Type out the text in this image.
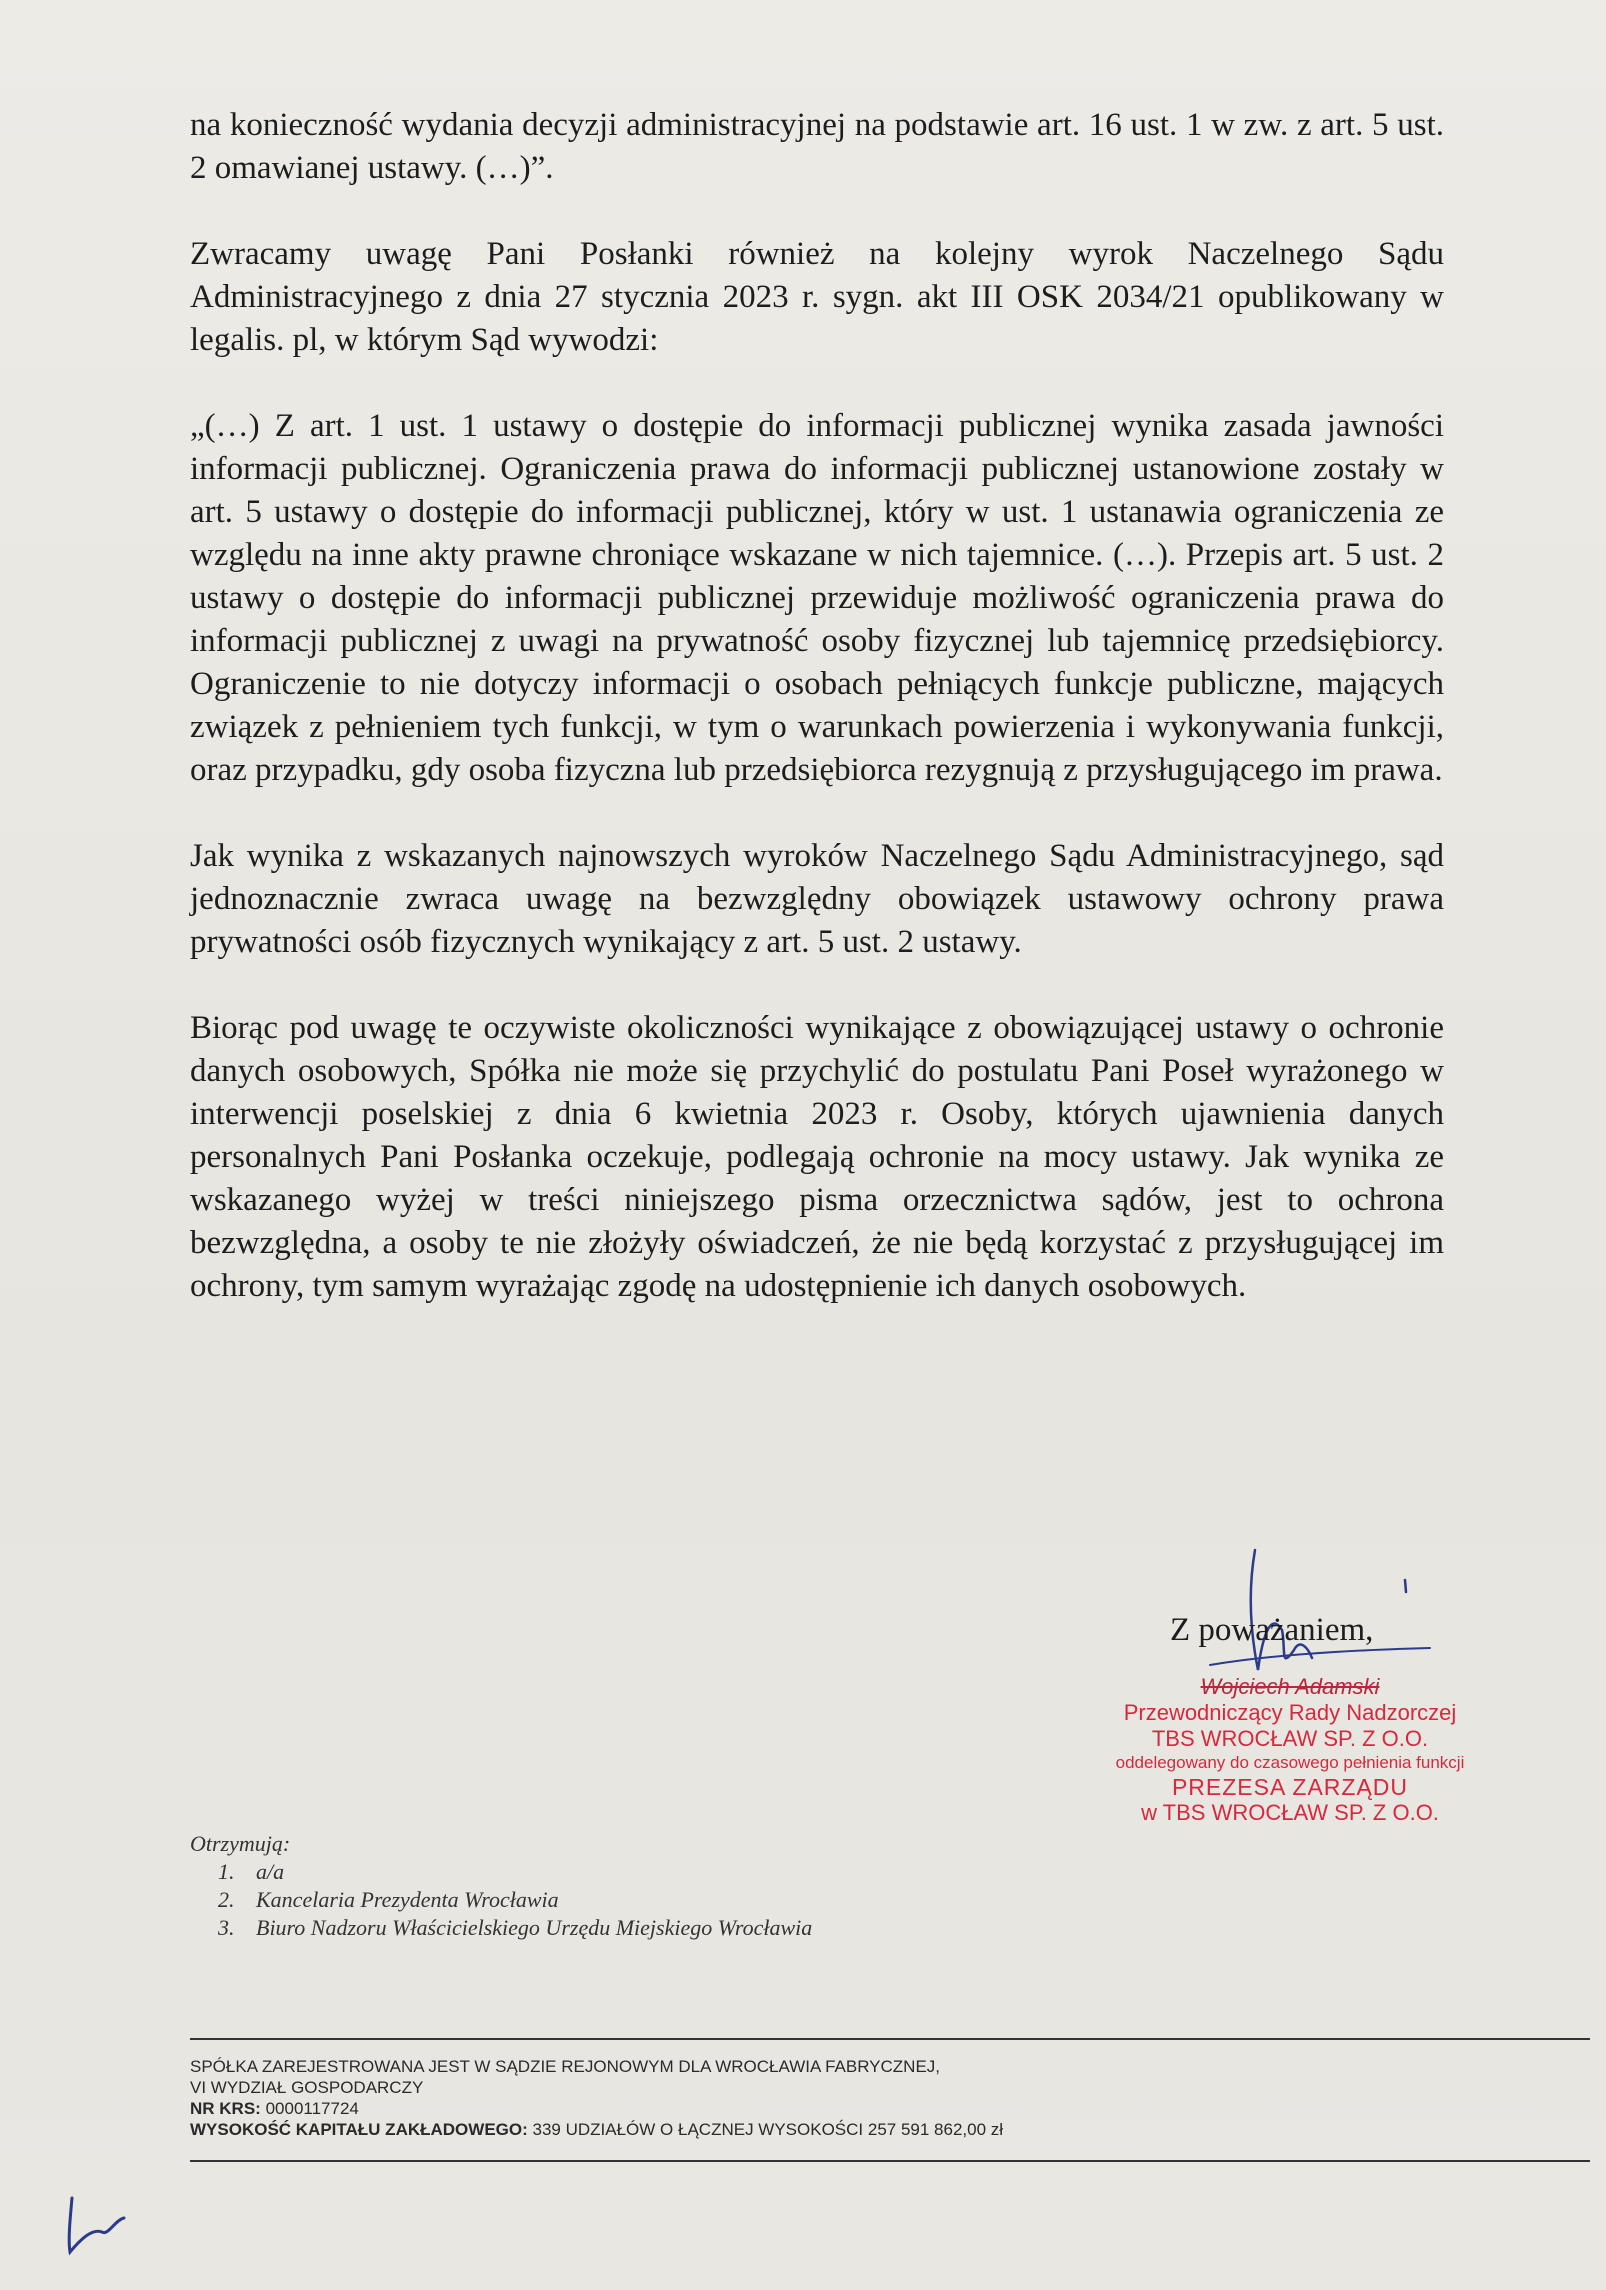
na konieczność wydania decyzji administracyjnej na podstawie art. 16 ust. 1 w zw. z art. 5 ust. 2 omawianej ustawy. (…)”.

Zwracamy uwagę Pani Posłanki również na kolejny wyrok Naczelnego Sądu Administracyjnego z dnia 27 stycznia 2023 r. sygn. akt III OSK 2034/21 opublikowany w legalis. pl, w którym Sąd wywodzi:

„(…) Z art. 1 ust. 1 ustawy o dostępie do informacji publicznej wynika zasada jawności informacji publicznej. Ograniczenia prawa do informacji publicznej ustanowione zostały w art. 5 ustawy o dostępie do informacji publicznej, który w ust. 1 ustanawia ograniczenia ze względu na inne akty prawne chroniące wskazane w nich tajemnice. (…). Przepis art. 5 ust. 2 ustawy o dostępie do informacji publicznej przewiduje możliwość ograniczenia prawa do informacji publicznej z uwagi na prywatność osoby fizycznej lub tajemnicę przedsiębiorcy. Ograniczenie to nie dotyczy informacji o osobach pełniących funkcje publiczne, mających związek z pełnieniem tych funkcji, w tym o warunkach powierzenia i wykonywania funkcji, oraz przypadku, gdy osoba fizyczna lub przedsiębiorca rezygnują z przysługującego im prawa.

Jak wynika z wskazanych najnowszych wyroków Naczelnego Sądu Administracyjnego, sąd jednoznacznie zwraca uwagę na bezwzględny obowiązek ustawowy ochrony prawa prywatności osób fizycznych wynikający z art. 5 ust. 2 ustawy.

Biorąc pod uwagę te oczywiste okoliczności wynikające z obowiązującej ustawy o ochronie danych osobowych, Spółka nie może się przychylić do postulatu Pani Poseł wyrażonego w interwencji poselskiej z dnia 6 kwietnia 2023 r. Osoby, których ujawnienia danych personalnych Pani Posłanka oczekuje, podlegają ochronie na mocy ustawy. Jak wynika ze wskazanego wyżej w treści niniejszego pisma orzecznictwa sądów, jest to ochrona bezwzględna, a osoby te nie złożyły oświadczeń, że nie będą korzystać z przysługującej im ochrony, tym samym wyrażając zgodę na udostępnienie ich danych osobowych.

Z poważaniem,
Wojciech Adamski
Przewodniczący Rady Nadzorczej
TBS WROCŁAW SP. Z O.O.
oddelegowany do czasowego pełnienia funkcji
PREZESA ZARZĄDU
w TBS WROCŁAW SP. Z O.O.
Otrzymują:
1. a/a
2. Kancelaria Prezydenta Wrocławia
3. Biuro Nadzoru Właścicielskiego Urzędu Miejskiego Wrocławia
SPÓŁKA ZAREJESTROWANA JEST W SĄDZIE REJONOWYM DLA WROCŁAWIA FABRYCZNEJ,
VI WYDZIAŁ GOSPODARCZY
NR KRS: 0000117724
WYSOKOŚĆ KAPITAŁU ZAKŁADOWEGO: 339 UDZIAŁÓW O ŁĄCZNEJ WYSOKOŚCI 257 591 862,00 zł
